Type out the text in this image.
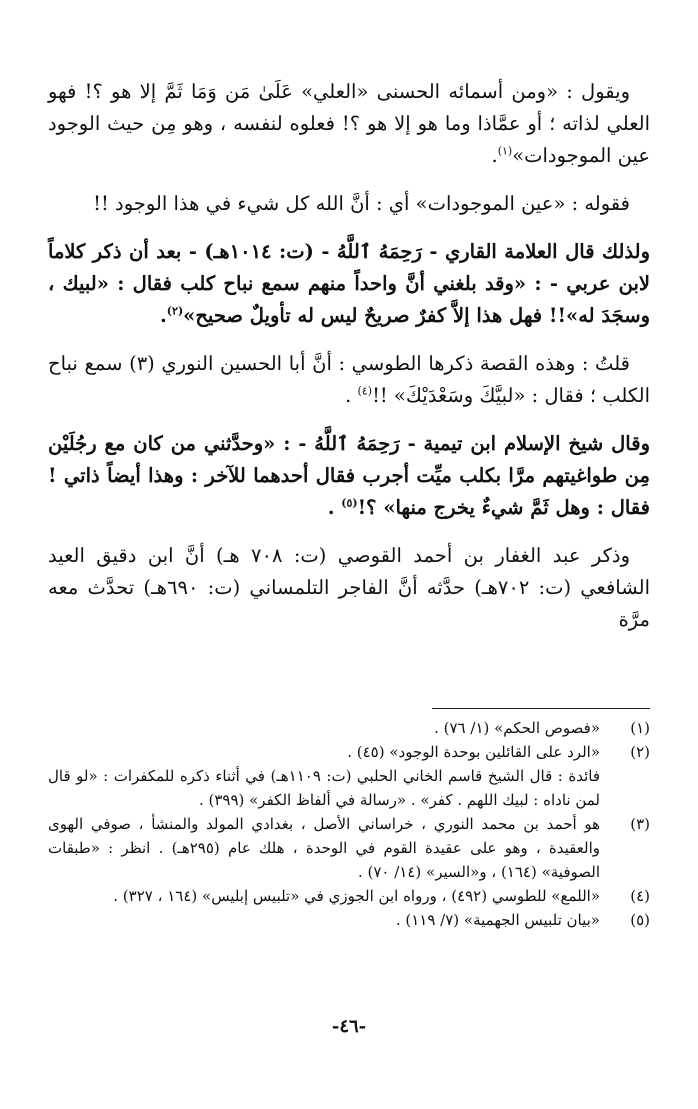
ويقول : «ومن أسمائه الحسنى «العلي» عَلَىٰ مَن وَمَا ثَمَّ إلا هو ؟! فهو العلي لذاته ؛ أو عمَّاذا وما هو إلا هو ؟! فعلوه لنفسه ، وهو مِن حيث الوجود عين الموجودات»$^{(١)}$.

فقوله : «عين الموجودات» أي : أنَّ الله كل شيء في هذا الوجود !!

ولذلك قال العلامة القاري - رَحِمَهُ ٱللَّهُ - (ت: ١٠١٤هـ) - بعد أن ذكر كلاماً لابن عربي - : «وقد بلغني أنَّ واحداً منهم سمع نباح كلب فقال : «لبيك ، وسجَدَ له»!! فهل هذا إلاَّ كفرٌ صريحٌ ليس له تأويلٌ صحيح»$^{(٢)}$.

قلتُ : وهذه القصة ذكرها الطوسي : أنَّ أبا الحسين النوري (٣) سمع نباح الكلب ؛ فقال : «لبيَّكَ وسَعْدَيْكَ» !!$^{(٤)}$ .

وقال شيخ الإسلام ابن تيمية - رَحِمَهُ ٱللَّهُ - : «وحدَّثني من كان مع رجُلَيْن مِن طواغيتهم مرَّا بكلب ميِّت أجرب فقال أحدهما للآخر : وهذا أيضاً ذاتي ! فقال : وهل ثَمَّ شيءٌ يخرج منها» ؟!$^{(٥)}$ .

وذكر عبد الغفار بن أحمد القوصي (ت: ٧٠٨ هـ) أنَّ ابن دقيق العيد الشافعي (ت: ٧٠٢هـ) حدَّثه أنَّ الفاجر التلمساني (ت: ٦٩٠هـ) تحدَّث معه مرَّة

(١)
«فصوص الحكم» (١/ ٧٦) .
(٢)
«الرد على القائلين بوحدة الوجود» (٤٥) .
فائدة : قال الشيخ قاسم الخاني الحلبي (ت: ١١٠٩هـ) في أثناء ذكره للمكفرات : «لو قال لمن ناداه : لبيك اللهم . كفر» . «رسالة في ألفاظ الكفر» (٣٩٩) .
(٣)
هو أحمد بن محمد النوري ، خراساني الأصل ، بغدادي المولد والمنشأ ، صوفي الهوى والعقيدة ، وهو على عقيدة القوم في الوحدة ، هلك عام (٢٩٥هـ) . انظر : «طبقات الصوفية» (١٦٤) ، و«السير» (١٤/ ٧٠) .
(٤)
«اللمع» للطوسي (٤٩٢) ، ورواه ابن الجوزي في «تلبيس إبليس» (١٦٤ ، ٣٢٧) .
(٥)
«بيان تلبيس الجهمية» (٧/ ١١٩) .
-٤٦-
